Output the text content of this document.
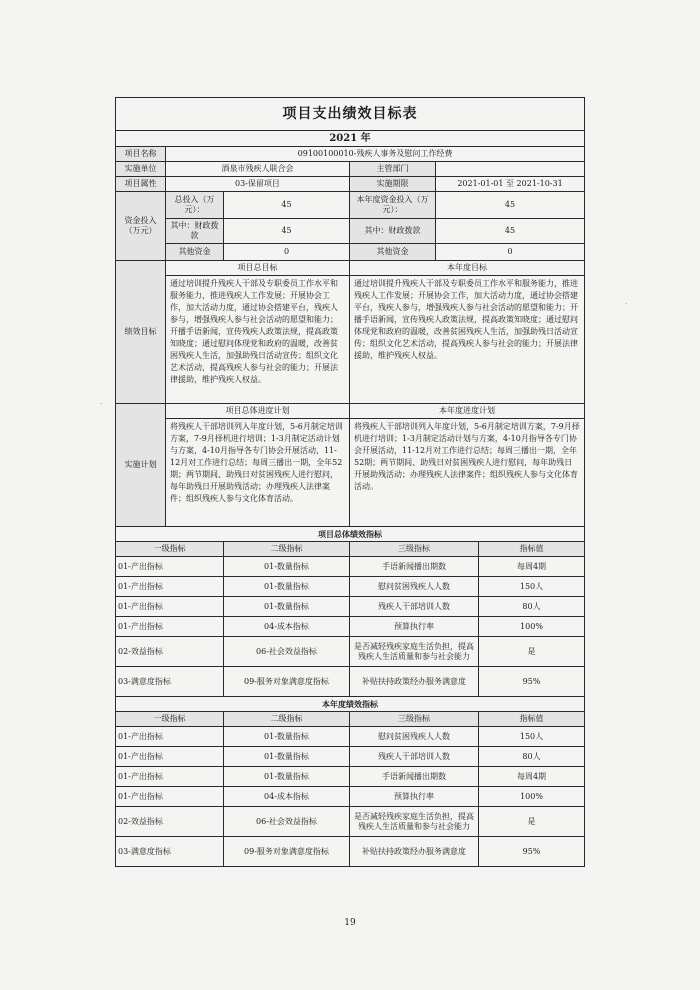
项目支出绩效目标表					
2021 年					
项目名称	09100100010-残疾人事务及慰问工作经费				
实施单位	酒泉市残疾人联合会		主管部门		
项目属性	03-保留项目		实施期限	2021-01-01 至 2021-10-31	
资金投入（万元）	总投入（万元）：	45	本年度资金投入（万元）：	45	
	其中：财政拨款	45	其中：财政拨款	45	
	其他资金	0	其他资金	0	
绩效目标	项目总目标		本年度目标		
	通过培训提升残疾人干部及专职委员工作水平和服务能力，推进残疾人工作发展；开展协会工作，加大活动力度，通过协会搭建平台，残疾人参与，增强残疾人参与社会活动的愿望和能力；开播手语新闻，宣传残疾人政策法规，提高政策知晓度；通过慰问体现党和政府的温暖，改善贫困残疾人生活，加强助残日活动宣传；组织文化艺术活动，提高残疾人参与社会的能力；开展法律援助，维护残疾人权益。		通过培训提升残疾人干部及专职委员工作水平和服务能力，推进残疾人工作发展；开展协会工作，加大活动力度，通过协会搭建平台，残疾人参与，增强残疾人参与社会活动的愿望和能力；开播手语新闻，宣传残疾人政策法规，提高政策知晓度；通过慰问体现党和政府的温暖，改善贫困残疾人生活，加强助残日活动宣传；组织文化艺术活动，提高残疾人参与社会的能力；开展法律援助，维护残疾人权益。		
实施计划	项目总体进度计划		本年度进度计划		
	将残疾人干部培训列入年度计划，5-6月制定培训方案，7-9月择机进行培训；1-3月制定活动计划与方案，4-10月指导各专门协会开展活动，11-12月对工作进行总结；每周三播出一期，全年52期；两节期间、助残日对贫困残疾人进行慰问，每年助残日开展助残活动；办理残疾人法律案件；组织残疾人参与文化体育活动。		将残疾人干部培训列入年度计划，5-6月制定培训方案，7-9月择机进行培训；1-3月制定活动计划与方案，4-10月指导各专门协会开展活动，11-12月对工作进行总结；每周三播出一期，全年52期；两节期间、助残日对贫困残疾人进行慰问，每年助残日开展助残活动；办理残疾人法律案件；组织残疾人参与文化体育活动。		
项目总体绩效指标					
一级指标		二级指标	三级指标		指标值
01-产出指标		01-数量指标	手语新闻播出期数		每周4期
01-产出指标		01-数量指标	慰问贫困残疾人人数		150人
01-产出指标		01-数量指标	残疾人干部培训人数		80人
01-产出指标		04-成本指标	预算执行率		100%
02-效益指标		06-社会效益指标	是否减轻残疾家庭生活负担，提高残疾人生活质量和参与社会能力		是
03-满意度指标		09-服务对象满意度指标	补贴扶持政策经办服务满意度		95%
本年度绩效指标					
一级指标		二级指标	三级指标		指标值
01-产出指标		01-数量指标	慰问贫困残疾人人数		150人
01-产出指标		01-数量指标	残疾人干部培训人数		80人
01-产出指标		01-数量指标	手语新闻播出期数		每周4期
01-产出指标		04-成本指标	预算执行率		100%
02-效益指标		06-社会效益指标	是否减轻残疾家庭生活负担，提高残疾人生活质量和参与社会能力		是
03-满意度指标		09-服务对象满意度指标	补贴扶持政策经办服务满意度		95%
·
·
19
